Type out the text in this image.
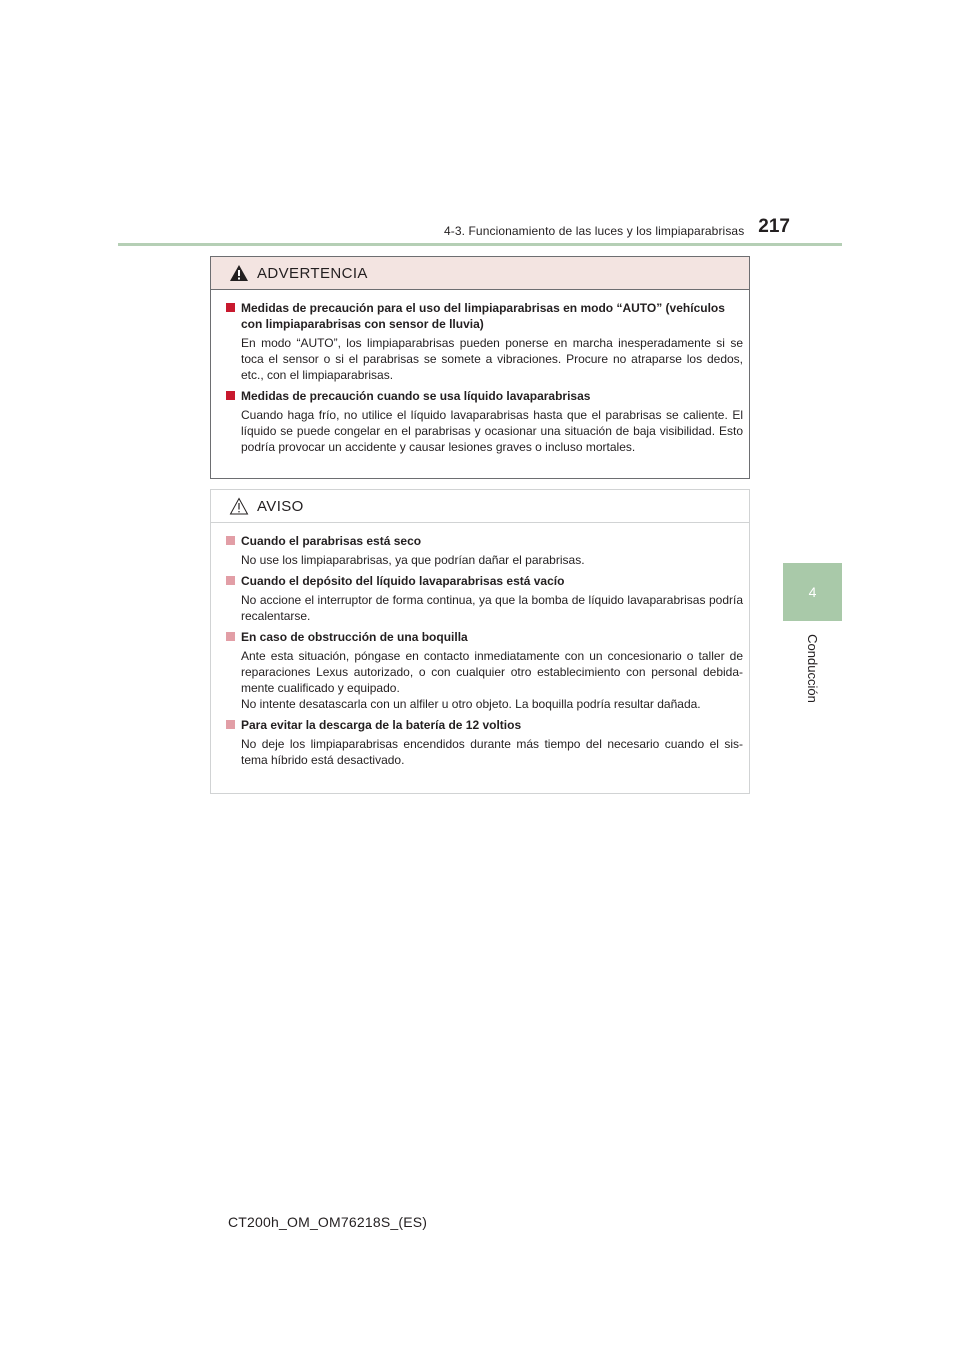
4-3. Funcionamiento de las luces y los limpiaparabrisas 217
4
Conducción
ADVERTENCIA
Medidas de precaución para el uso del limpiaparabrisas en modo “AUTO” (vehículos con limpiaparabrisas con sensor de lluvia)
En modo “AUTO”, los limpiaparabrisas pueden ponerse en marcha inesperadamente si se toca el sensor o si el parabrisas se somete a vibraciones. Procure no atraparse los dedos, etc., con el limpiaparabrisas.
Medidas de precaución cuando se usa líquido lavaparabrisas
Cuando haga frío, no utilice el líquido lavaparabrisas hasta que el parabrisas se caliente. El líquido se puede congelar en el parabrisas y ocasionar una situación de baja visibilidad. Esto podría provocar un accidente y causar lesiones graves o incluso mortales.
AVISO
Cuando el parabrisas está seco
No use los limpiaparabrisas, ya que podrían dañar el parabrisas.
Cuando el depósito del líquido lavaparabrisas está vacío
No accione el interruptor de forma continua, ya que la bomba de líquido lavaparabrisas podría recalentarse.
En caso de obstrucción de una boquilla
Ante esta situación, póngase en contacto inmediatamente con un concesionario o taller de reparaciones Lexus autorizado, o con cualquier otro establecimiento con personal debida- mente cualificado y equipado.
No intente desatascarla con un alfiler u otro objeto. La boquilla podría resultar dañada.
Para evitar la descarga de la batería de 12 voltios
No deje los limpiaparabrisas encendidos durante más tiempo del necesario cuando el sis- tema híbrido está desactivado.
CT200h_OM_OM76218S_(ES)
